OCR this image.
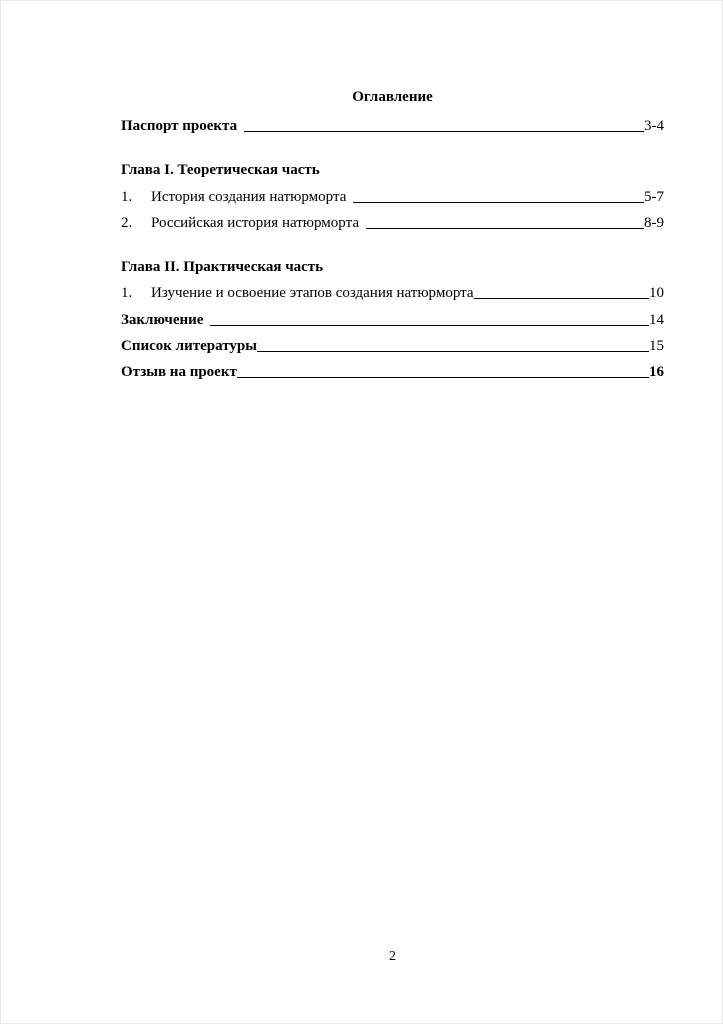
Оглавление
Паспорт проекта	3-4
Глава I. Теоретическая часть
1.	История создания натюрморта	5-7
2.	Российская история натюрморта	8-9
Глава II. Практическая часть
1.	Изучение и освоение этапов создания натюрморта	10
Заключение	14
Список литературы	15
Отзыв на проект	16
2
